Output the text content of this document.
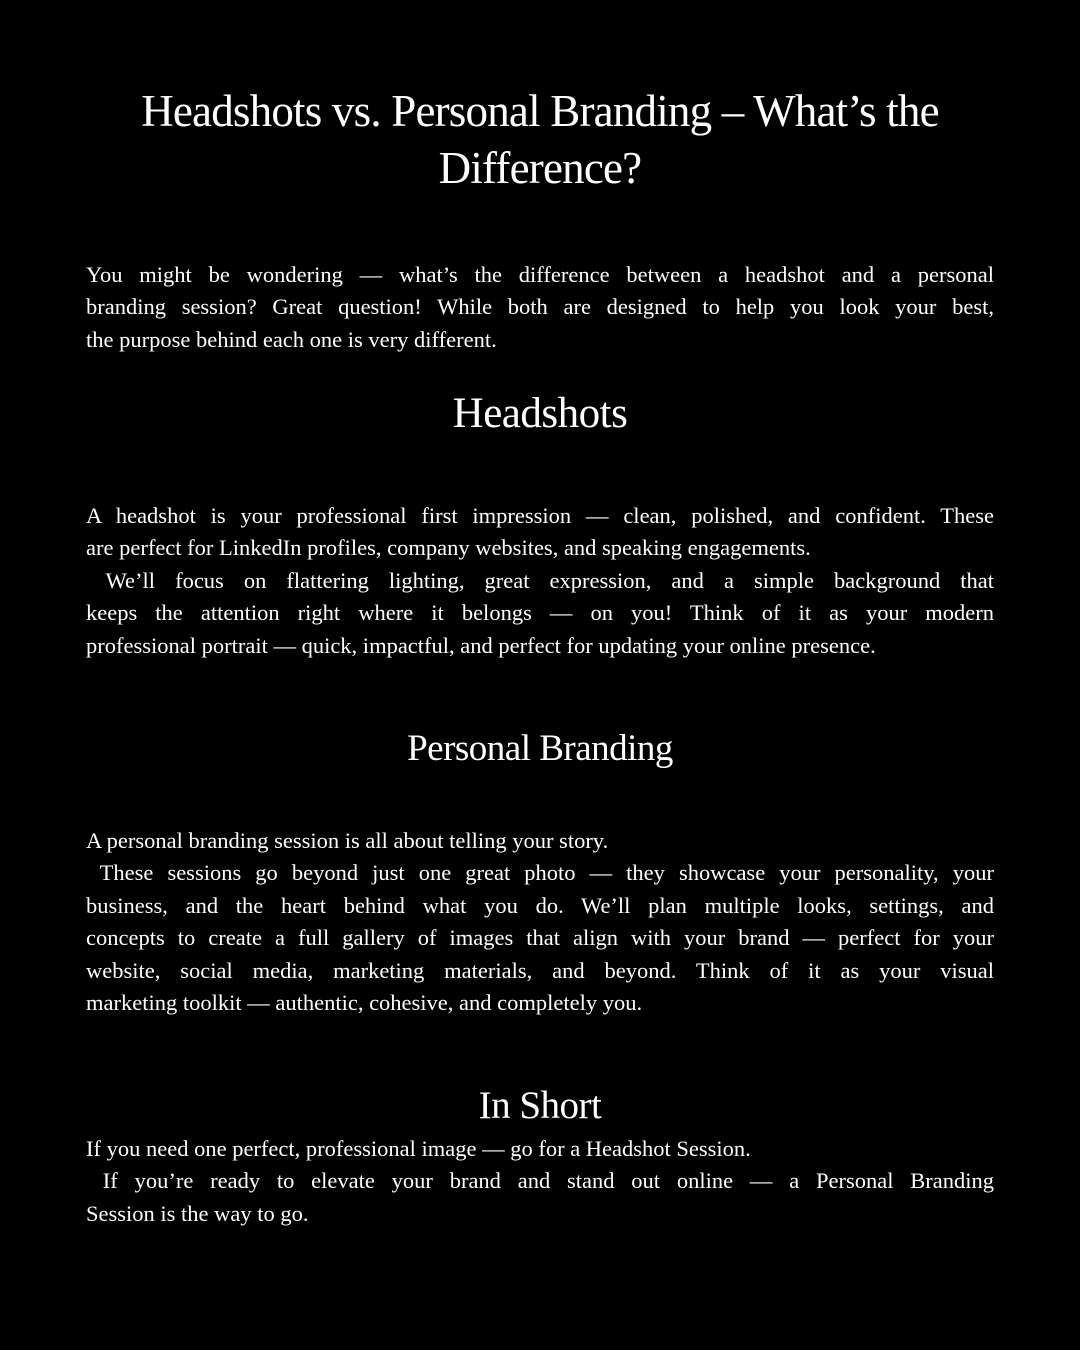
Headshots vs. Personal Branding – What’s the
Difference?

You might be wondering — what’s the difference between a headshot and a personal
branding session? Great question! While both are designed to help you look your best,
the purpose behind each one is very different.

Headshots

A headshot is your professional first impression — clean, polished, and confident. These
are perfect for LinkedIn profiles, company websites, and speaking engagements.
We’ll focus on flattering lighting, great expression, and a simple background that
keeps the attention right where it belongs — on you! Think of it as your modern
professional portrait — quick, impactful, and perfect for updating your online presence.

Personal Branding

A personal branding session is all about telling your story.
These sessions go beyond just one great photo — they showcase your personality, your
business, and the heart behind what you do. We’ll plan multiple looks, settings, and
concepts to create a full gallery of images that align with your brand — perfect for your
website, social media, marketing materials, and beyond. Think of it as your visual
marketing toolkit — authentic, cohesive, and completely you.

In Short

If you need one perfect, professional image — go for a Headshot Session.
If you’re ready to elevate your brand and stand out online — a Personal Branding
Session is the way to go.
